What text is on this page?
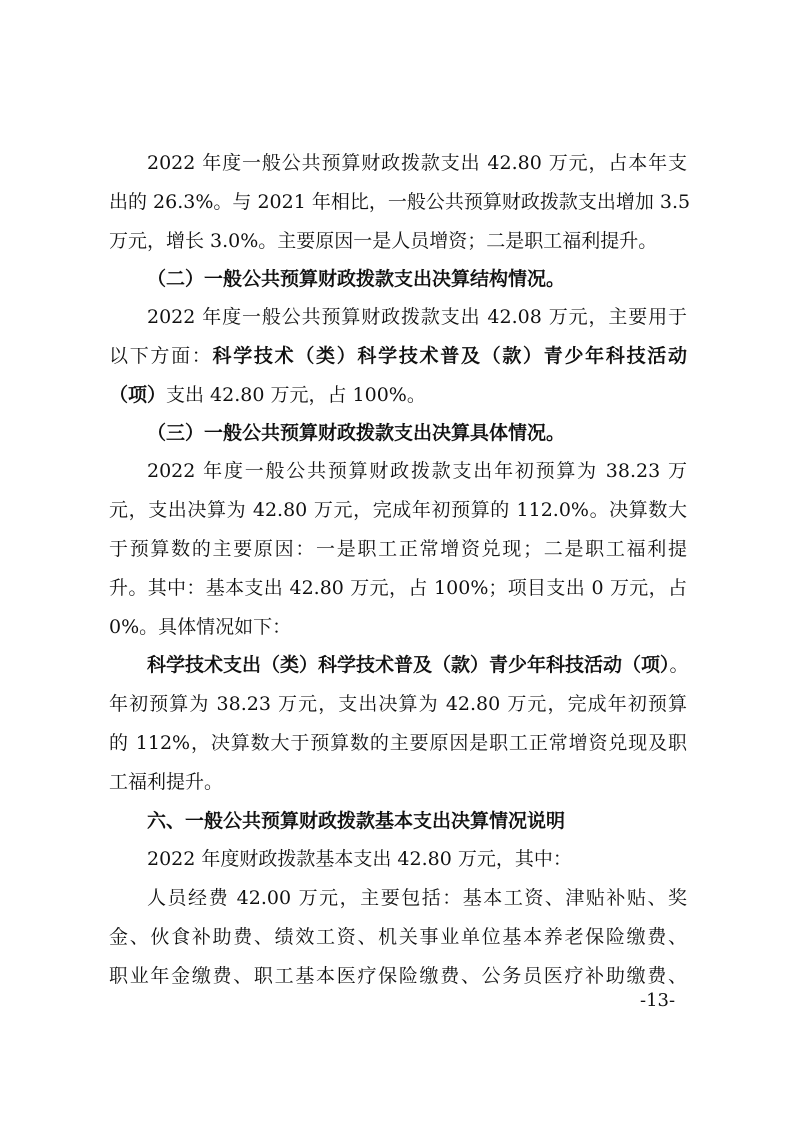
2022 年度一般公共预算财政拨款支出 42.80 万元，占本年支
出的 26.3%。与 2021 年相比，一般公共预算财政拨款支出增加 3.5
万元，增长 3.0%。主要原因一是人员增资；二是职工福利提升。
（二）一般公共预算财政拨款支出决算结构情况。
2022 年度一般公共预算财政拨款支出 42.08 万元，主要用于
以下方面：科学技术（类）科学技术普及（款）青少年科技活动
（项）支出 42.80 万元，占 100%。
（三）一般公共预算财政拨款支出决算具体情况。
2022 年度一般公共预算财政拨款支出年初预算为 38.23 万
元，支出决算为 42.80 万元，完成年初预算的 112.0%。决算数大
于预算数的主要原因：一是职工正常增资兑现；二是职工福利提
升。其中：基本支出 42.80 万元，占 100%；项目支出 0 万元，占
0%。具体情况如下：
科学技术支出（类）科学技术普及（款）青少年科技活动（项）。
年初预算为 38.23 万元，支出决算为 42.80 万元，完成年初预算
的 112%，决算数大于预算数的主要原因是职工正常增资兑现及职
工福利提升。
六、一般公共预算财政拨款基本支出决算情况说明
2022 年度财政拨款基本支出 42.80 万元，其中：
人员经费 42.00 万元，主要包括：基本工资、津贴补贴、奖
金、伙食补助费、绩效工资、机关事业单位基本养老保险缴费、
职业年金缴费、职工基本医疗保险缴费、公务员医疗补助缴费、
-13-
